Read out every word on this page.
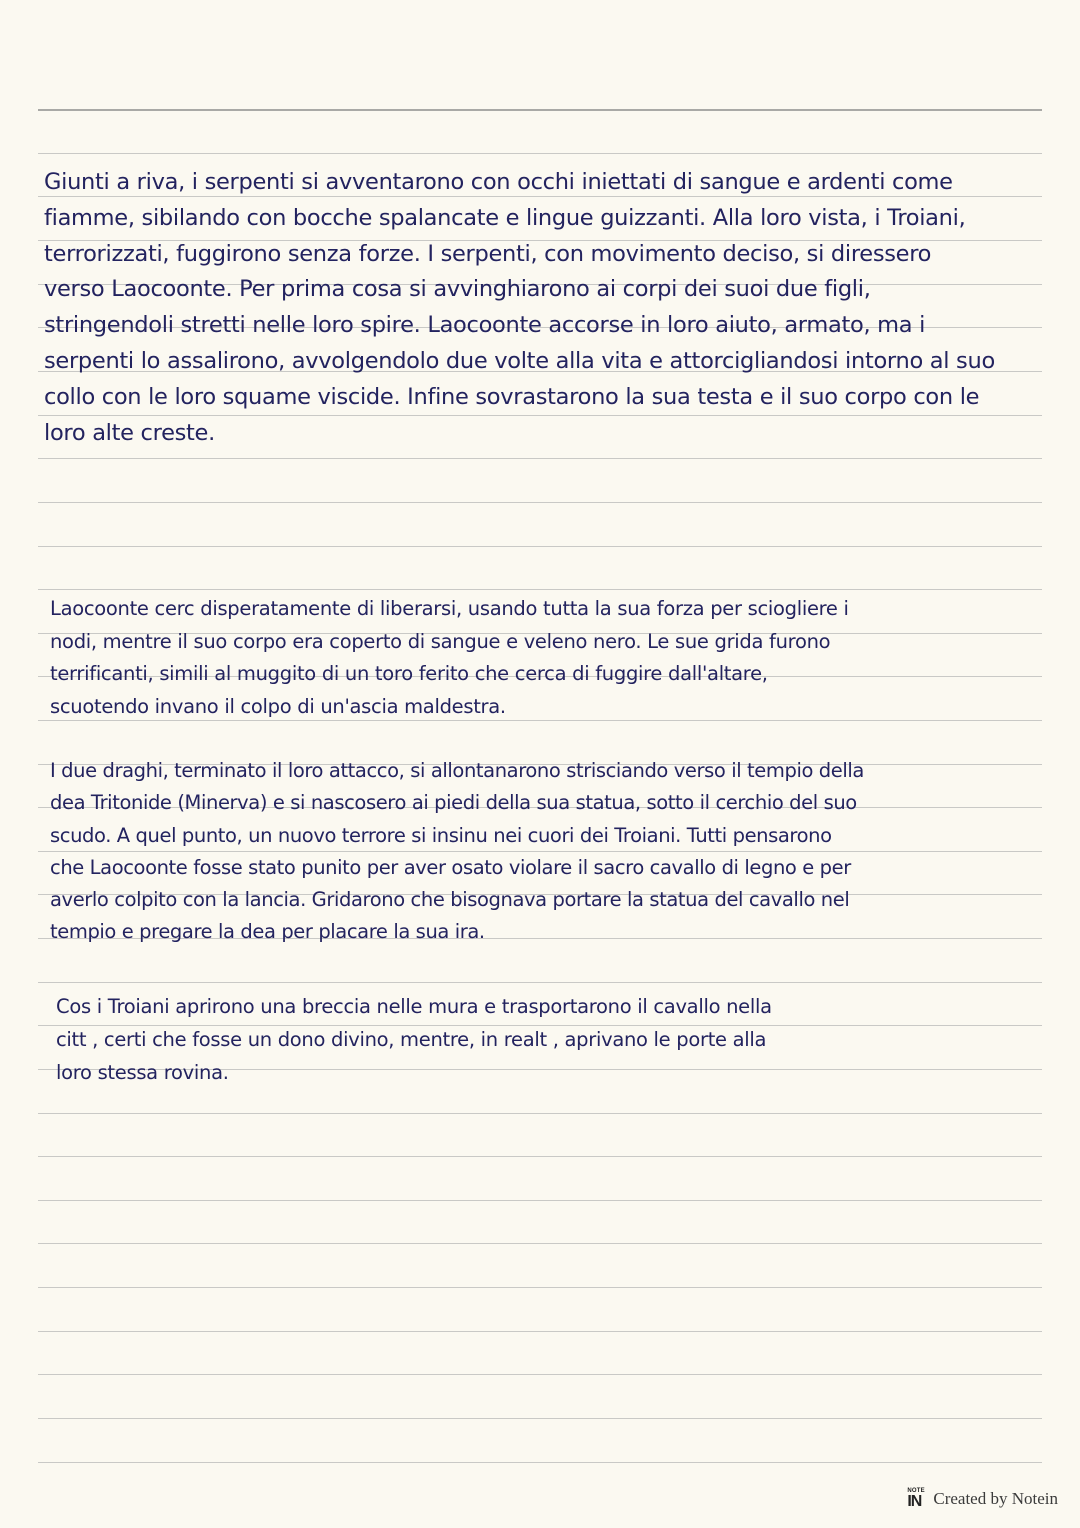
Giunti a riva, i serpenti si avventarono con occhi iniettati di sangue e ardenti come
fiamme, sibilando con bocche spalancate e lingue guizzanti. Alla loro vista, i Troiani,
terrorizzati, fuggirono senza forze. I serpenti, con movimento deciso, si diressero
verso Laocoonte. Per prima cosa si avvinghiarono ai corpi dei suoi due figli,
stringendoli stretti nelle loro spire. Laocoonte accorse in loro aiuto, armato, ma i
serpenti lo assalirono, avvolgendolo due volte alla vita e attorcigliandosi intorno al suo
collo con le loro squame viscide. Infine sovrastarono la sua testa e il suo corpo con le
loro alte creste.
Laocoonte cerc disperatamente di liberarsi, usando tutta la sua forza per sciogliere i
nodi, mentre il suo corpo era coperto di sangue e veleno nero. Le sue grida furono
terrificanti, simili al muggito di un toro ferito che cerca di fuggire dall'altare,
scuotendo invano il colpo di un'ascia maldestra.
I due draghi, terminato il loro attacco, si allontanarono strisciando verso il tempio della
dea Tritonide (Minerva) e si nascosero ai piedi della sua statua, sotto il cerchio del suo
scudo. A quel punto, un nuovo terrore si insinu nei cuori dei Troiani. Tutti pensarono
che Laocoonte fosse stato punito per aver osato violare il sacro cavallo di legno e per
averlo colpito con la lancia. Gridarono che bisognava portare la statua del cavallo nel
tempio e pregare la dea per placare la sua ira.
Cos i Troiani aprirono una breccia nelle mura e trasportarono il cavallo nella
citt , certi che fosse un dono divino, mentre, in realt , aprivano le porte alla
loro stessa rovina.
NOTE
IN Created by Notein
